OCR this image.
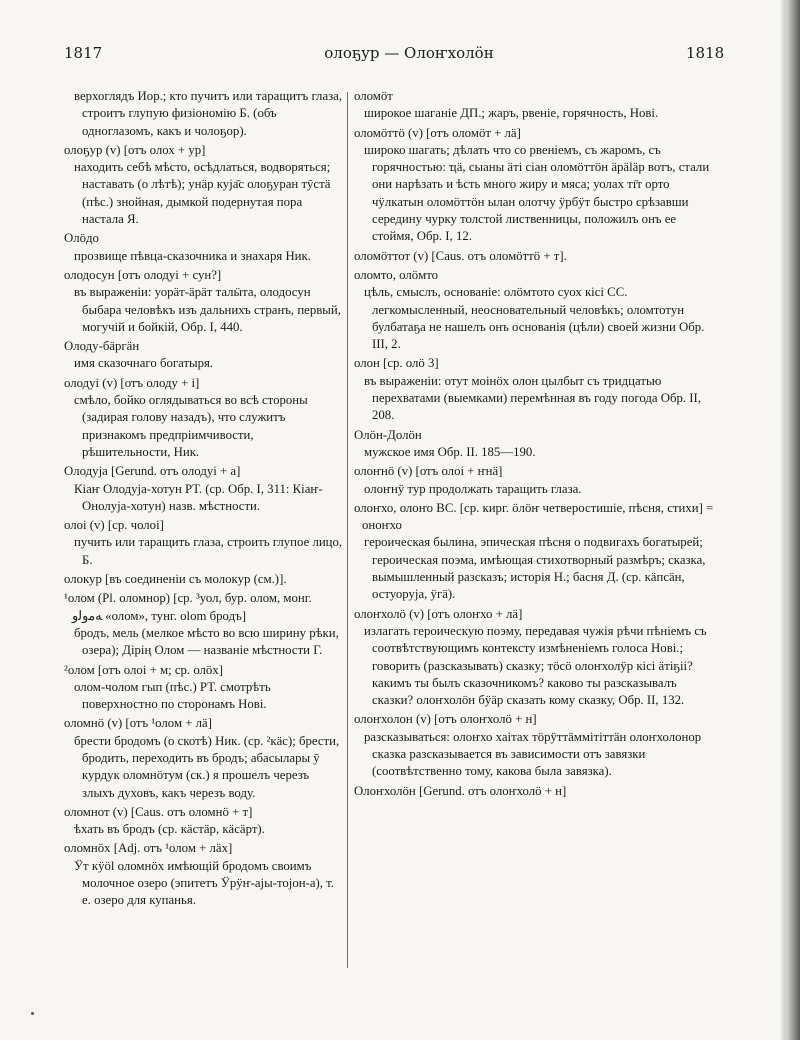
1817	олоҕур — Олоҥхолӧн	1818
верхоглядъ Иор.; кто пучитъ или таращитъ глаза, строитъ глупую физіономію Б. (объ одноглазомъ, какъ и чолоҕор).
олоҕур (v) [отъ олох + ур]
находить себѣ мѣсто, осѣдлаться, водворяться; наставать (о лѣтѣ); унӓр куја̄с олоҕуран тӯстӓ (пѣс.) знойная, дымкой подернутая пора настала Я.
Олӧдо
прозвище пѣвца-сказочника и знахаря Ник.
олодосун [отъ олодуі + сун?]
въ выраженіи: уорӓт-ӓрӓт талӹта, олодосун быбара человѣкъ изъ дальнихъ странъ, первый, могучій и бойкій, Обр. I, 440.
Олоду-бӓргӓн
имя сказочнаго богатыря.
олодуі (v) [отъ олоду + і]
смѣло, бойко оглядываться во всѣ стороны (задирая голову назадъ), что служитъ признакомъ предпріимчивости, рѣшительности, Ник.
Олодуја [Gerund. отъ олодуі + а]
Кіаҥ Олодуја-хотун РТ. (ср. Обр. I, 311: Кіаҥ-Онолуја-хотун) назв. мѣстности.
олоі (v) [ср. чолоі]
пучить или таращить глаза, строить глупое лицо, Б.
олокур [въ соединеніи съ молокур (см.)].
¹олом (Pl. оломнор) [ср. ³уол, бур. олом, монг. ﻪﻣﻭﻟﻭ «олом», тунг. olom бродъ]
бродъ, мель (мелкое мѣсто во всю ширину рѣки, озера); Дірің Олом — названіе мѣстности Г.
²олом [отъ олоі + м; ср. олӧх]
олом-чолом гып (пѣс.) РТ. смотрѣть поверхностно по сторонамъ Нові.
оломнӧ (v) [отъ ¹олом + лӓ]
брести бродомъ (о скотѣ) Ник. (ср. ²кӓс); брести, бродить, переходить въ бродъ; абасылары ӯ курдук оломнӧтум (ск.) я прошелъ черезъ злыхъ духовъ, какъ черезъ воду.
оломнот (v) [Caus. отъ оломнӧ + т]
ѣхать въ бродъ (ср. кӓстӓр, кӓсӓрт).
оломнӧх [Adj. отъ ¹олом + лӓх]
Ӱт кӱӧl оломнӧх имѣющій бродомъ своимъ молочное озеро (эпитетъ Ӱрӱҥ-ајы-тојон-а), т. е. озеро для купанья.
оломӧт
широкое шаганіе ДП.; жаръ, рвеніе, горячность, Нові.
оломӧттӧ (v) [отъ оломӧт + лӓ]
широко шагать; дѣлать что со рвеніемъ, съ жаромъ, съ горячностью: ҵӓ, сыаны ӓті сіан оломӧттӧн ӓрӓlӓр вотъ, стали они нарѣзать и ѣсть много жиру и мяса; уолах тı̄т орто чӱлкатын оломӧттӧн ылан олотчу ӱрбӱт быстро срѣзавши середину чурку толстой лиственницы, положилъ онъ ее стоймя, Обр. I, 12.
оломӧттот (v) [Caus. отъ оломӧттӧ + т].
оломто, олӧмто
цѣль, смыслъ, основаніе: олӧмтото суох кісі СС. легкомысленный, неосновательный человѣкъ; оломтотун булбатаҕа не нашелъ онъ основанія (цѣли) своей жизни Обр. III, 2.
олон [ср. олӧ 3]
въ выраженіи: отут моінӧх олон цылбыт съ тридцатью перехватами (выемками) перемѣнная въ году погода Обр. II, 208.
Олӧн-Долӧн
мужское имя Обр. II. 185—190.
олоҥнӧ (v) [отъ олоі + ҥнӓ]
олоҥнӱ тур продолжать таращить глаза.
олоҥхо, олоҥо ВС. [ср. кирг. ӧлӧҥ четверостишіе, пѣсня, стихи] = оноҥхо
героическая былина, эпическая пѣсня о подвигахъ богатырей; героическая поэма, имѣющая стихотворный размѣръ; сказка, вымышленный разсказъ; исторія Н.; басня Д. (ср. кӓпсӓн, остуоруја, ӱгӓ).
олоҥхолӧ (v) [отъ олоҥхо + лӓ]
излагать героическую поэму, передавая чужія рѣчи пѣніемъ съ соотвѣтствующимъ контексту измѣненіемъ голоса Нові.; говорить (разсказывать) сказку; тӧсӧ олоҥхолӱр кісі ӓтіҕіі? какимъ ты былъ сказочникомъ? каково ты разсказывалъ сказки? олоҥхолӧн бӱӓр сказать кому сказку, Обр. II, 132.
олоҥхолон (v) [отъ олоҥхолӧ + н]
разсказываться: олоҥхо хаітах тӧрӱттӓммітіттӓн олоҥхолонор сказка разсказывается въ зависимости отъ завязки (соотвѣтственно тому, какова была завязка).
Олоҥхолӧн [Gerund. отъ олоҥхолӧ + н]
